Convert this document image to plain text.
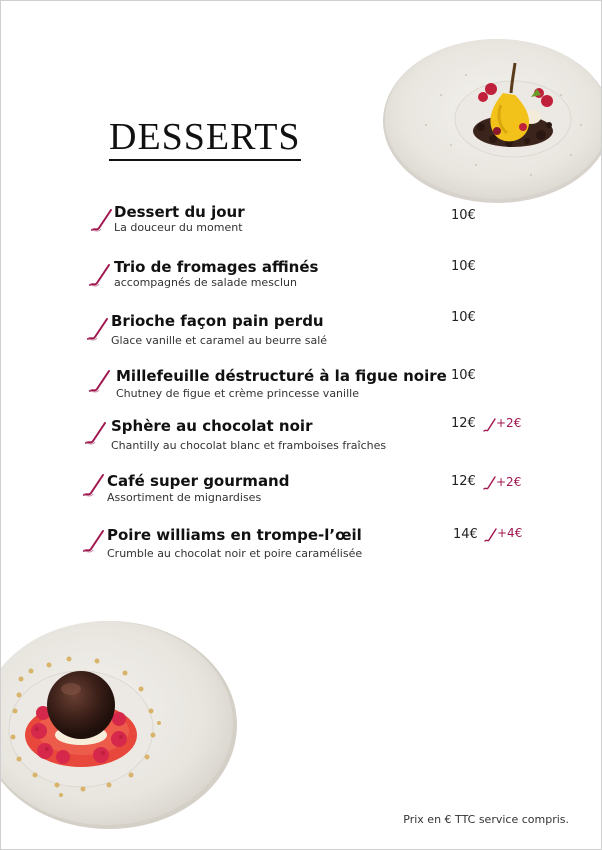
DESSERTS
Dessert du jour
La douceur du moment
10€
Trio de fromages affinés
accompagnés de salade mesclun
10€
Brioche façon pain perdu
Glace vanille et caramel au beurre salé
10€
Millefeuille déstructuré à la figue noire
Chutney de figue et crème princesse vanille
10€
Sphère au chocolat noir
Chantilly au chocolat blanc et framboises fraîches
12€ +2€
Café super gourmand
Assortiment de mignardises
12€ +2€
Poire williams en trompe-l’œil
Crumble au chocolat noir et poire caramélisée
14€ +4€
Prix en € TTC service compris.
